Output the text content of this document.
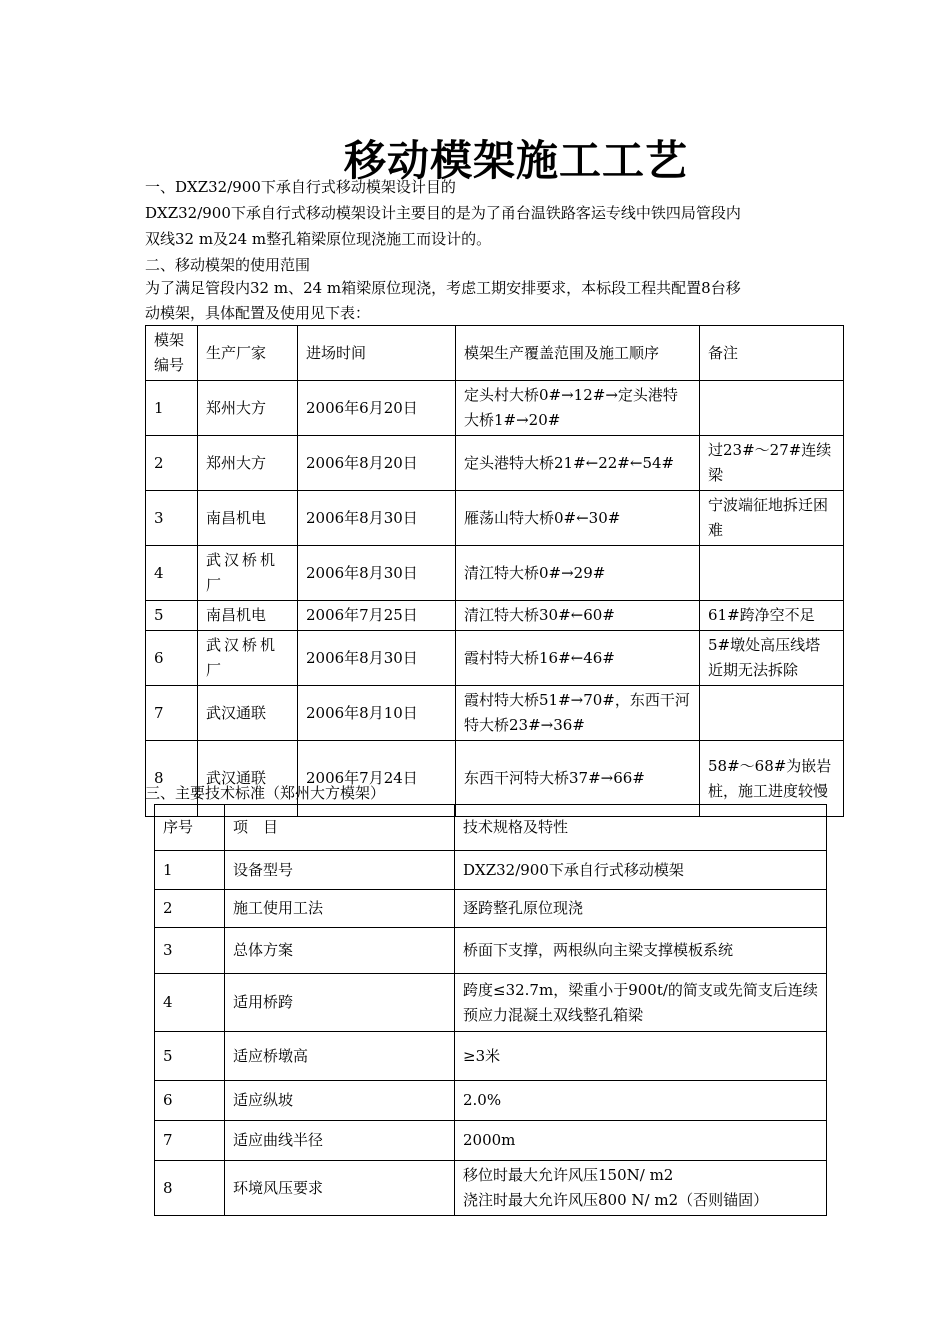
移动模架施工工艺
一、DXZ32/900下承自行式移动模架设计目的
DXZ32/900下承自行式移动模架设计主要目的是为了甬台温铁路客运专线中铁四局管段内
双线32 m及24 m整孔箱梁原位现浇施工而设计的。
二、移动模架的使用范围
为了满足管段内32 m、24 m箱梁原位现浇，考虑工期安排要求，本标段工程共配置8台移
动模架，具体配置及使用见下表：
模架编号	生产厂家	进场时间	模架生产覆盖范围及施工顺序	备注
1	郑州大方	2006年6月20日	定头村大桥0#→12#→定头港特大桥1#→20#	
2	郑州大方	2006年8月20日	定头港特大桥21#←22#←54#	过23#～27#连续梁
3	南昌机电	2006年8月30日	雁荡山特大桥0#←30#	宁波端征地拆迁困难
4	武汉桥机厂	2006年8月30日	清江特大桥0#→29#	
5	南昌机电	2006年7月25日	清江特大桥30#←60#	61#跨净空不足
6	武汉桥机厂	2006年8月30日	霞村特大桥16#←46#	5#墩处高压线塔近期无法拆除
7	武汉通联	2006年8月10日	霞村特大桥51#→70#，东西干河特大桥23#→36#	
8	武汉通联	2006年7月24日	东西干河特大桥37#→66#	58#～68#为嵌岩桩，施工进度较慢
三、主要技术标准（郑州大方模架）
序号	项　目	技术规格及特性
1	设备型号	DXZ32/900下承自行式移动模架
2	施工使用工法	逐跨整孔原位现浇
3	总体方案	桥面下支撑，两根纵向主梁支撑模板系统
4	适用桥跨	跨度≤32.7m，梁重小于900t/的简支或先简支后连续预应力混凝土双线整孔箱梁
5	适应桥墩高	≥3米
6	适应纵坡	2.0%
7	适应曲线半径	2000m
8	环境风压要求	移位时最大允许风压150N/ m2
浇注时最大允许风压800 N/ m2（否则锚固）
